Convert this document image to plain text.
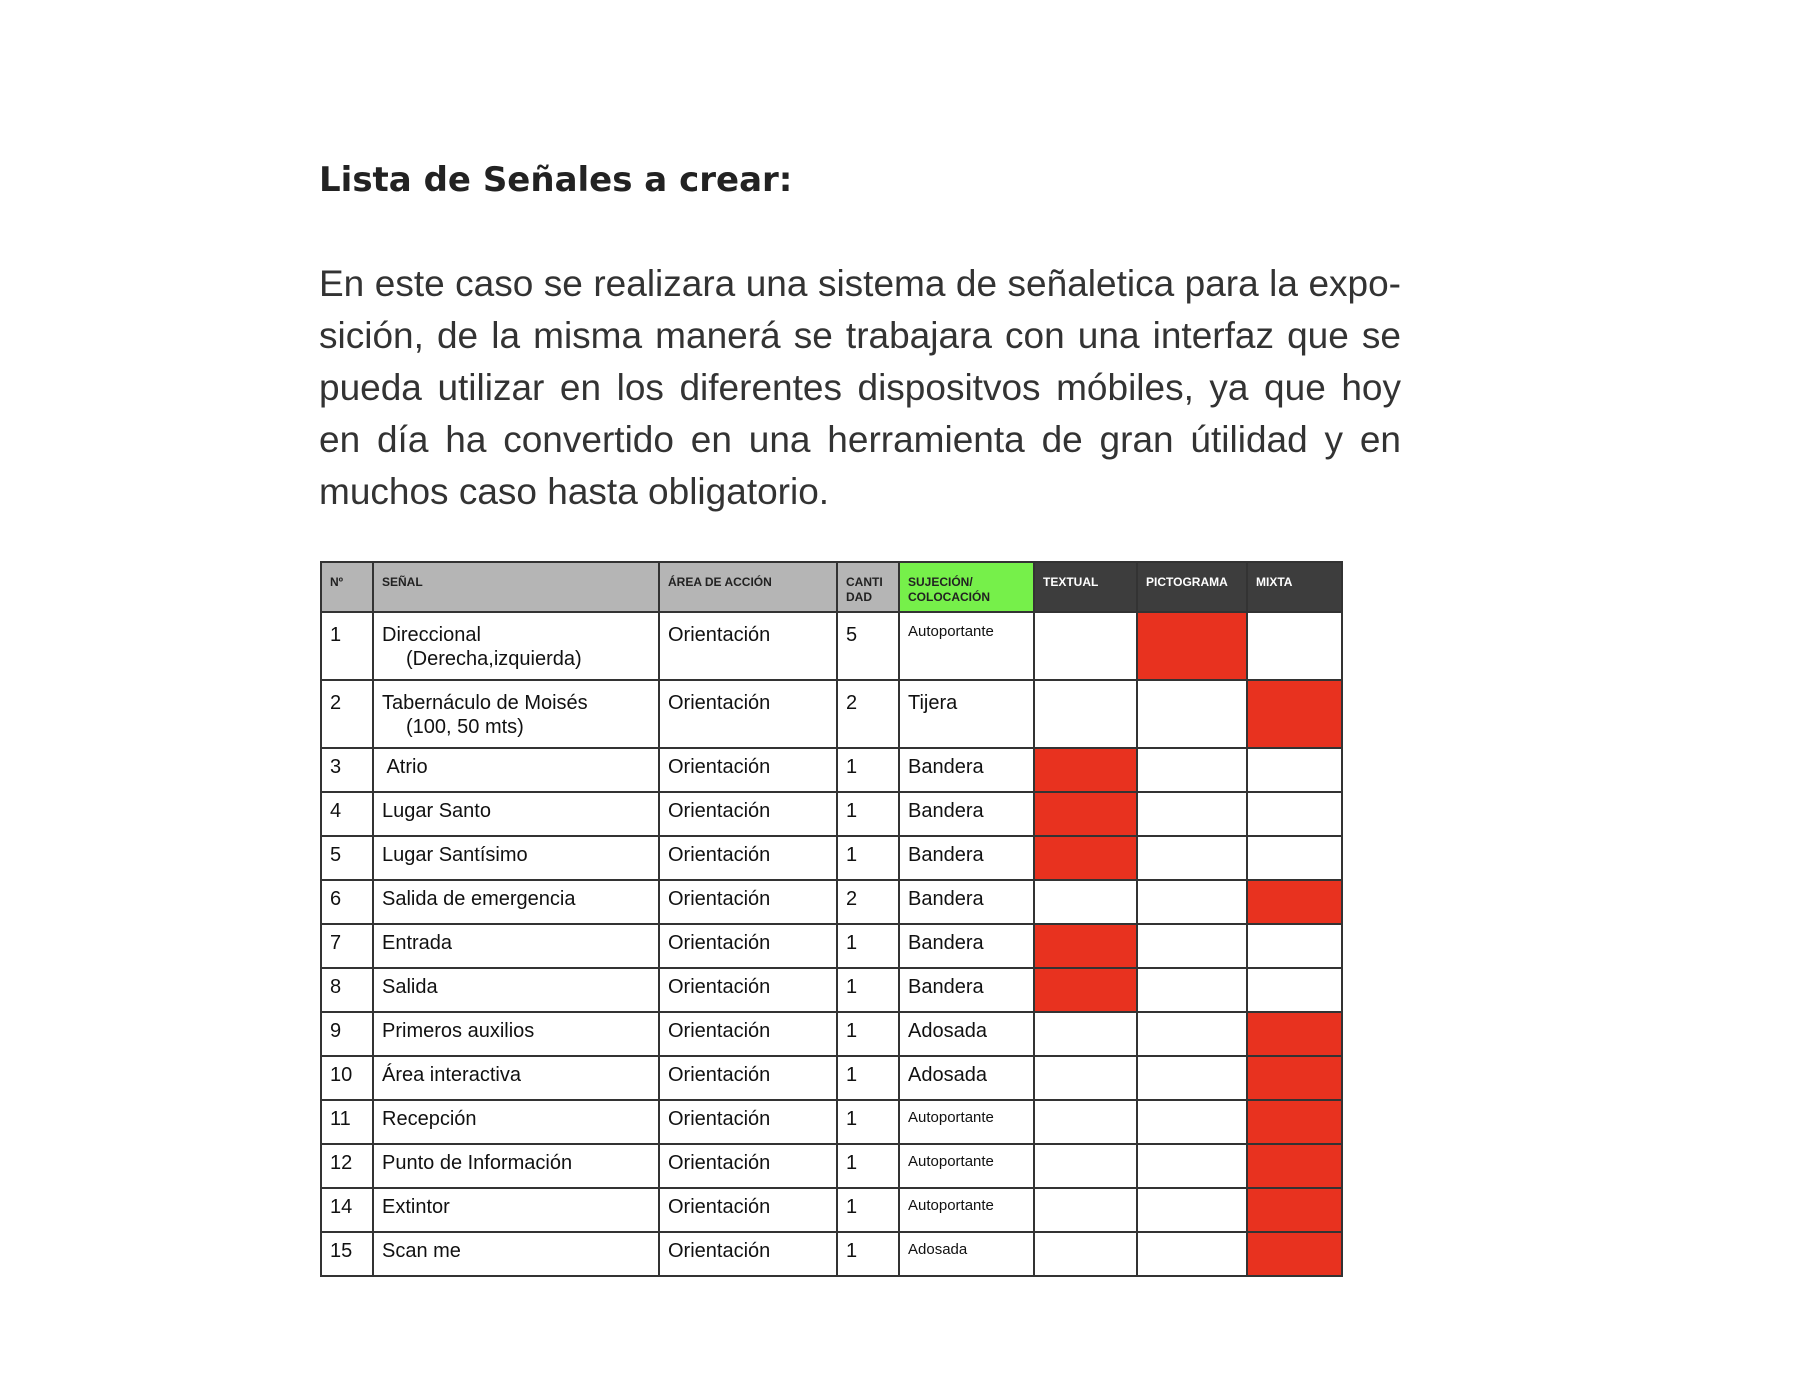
Lista de Señales a crear:

En este caso se realizara una sistema de señaletica para la expo-
sición, de la misma manerá se trabajara con una interfaz que se
pueda utilizar en los diferentes dispositvos móbiles, ya que hoy
en día ha convertido en una herramienta de gran útilidad y en
muchos caso hasta obligatorio.

Nº	SEÑAL	ÁREA DE ACCIÓN	CANTI
DAD	SUJECIÓN/
COLOCACIÓN	TEXTUAL	PICTOGRAMA	MIXTA
1	Direccional
(Derecha,izquierda)	Orientación	5	Autoportante			
2	Tabernáculo de Moisés
(100, 50 mts)	Orientación	2	Tijera			
3	Atrio	Orientación	1	Bandera			
4	Lugar Santo	Orientación	1	Bandera			
5	Lugar Santísimo	Orientación	1	Bandera			
6	Salida de emergencia	Orientación	2	Bandera			
7	Entrada	Orientación	1	Bandera			
8	Salida	Orientación	1	Bandera			
9	Primeros auxilios	Orientación	1	Adosada			
10	Área interactiva	Orientación	1	Adosada			
11	Recepción	Orientación	1	Autoportante			
12	Punto de Información	Orientación	1	Autoportante			
14	Extintor	Orientación	1	Autoportante			
15	Scan me	Orientación	1	Adosada			
